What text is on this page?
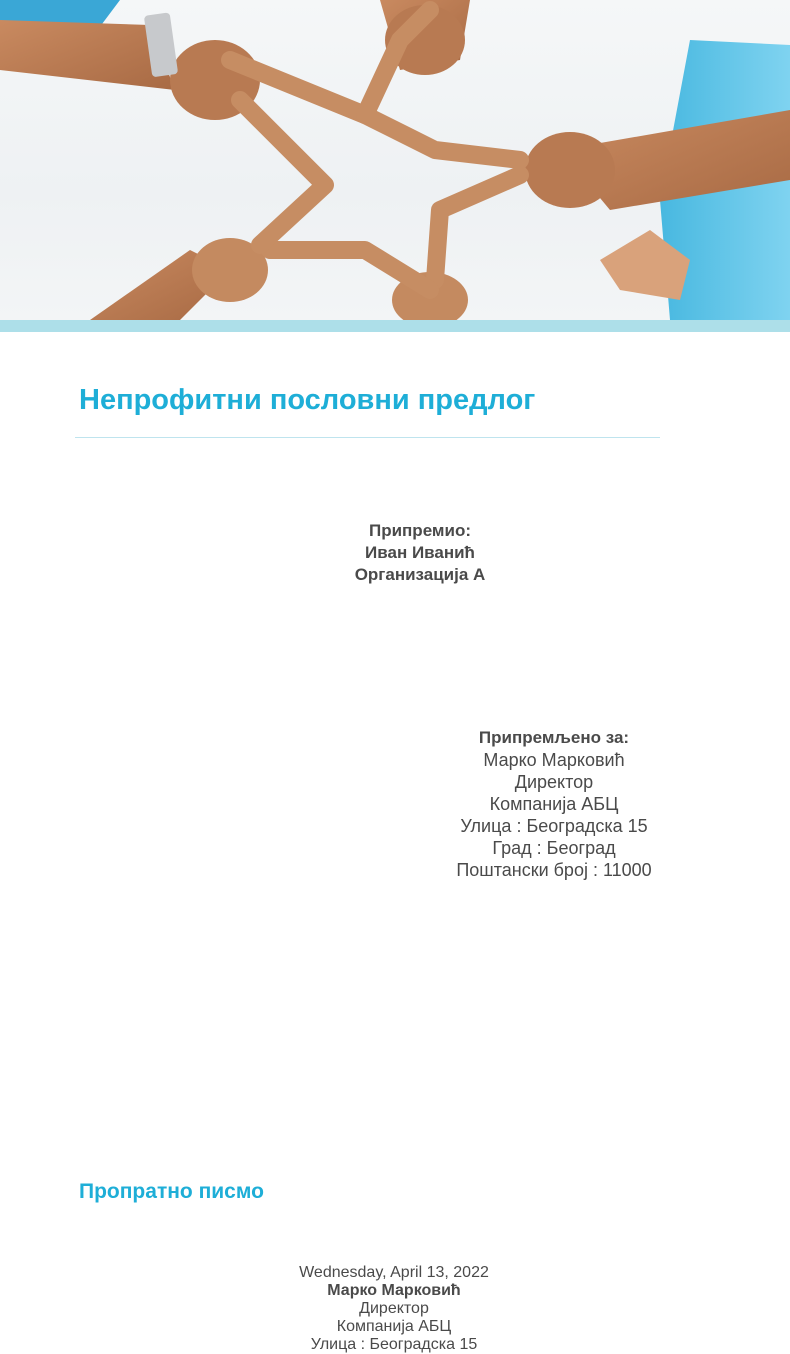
Непрофитни пословни предлог
Припремио:
Иван Иванић
Организација А
Припремљено за:
Марко Марковић
Директор
Компанија АБЦ
Улица : Београдска 15
Град : Београд
Поштански број : 11000
Пропратно писмо
Wednesday, April 13, 2022
Марко Марковић
Директор
Компанија АБЦ
Улица : Београдска 15
